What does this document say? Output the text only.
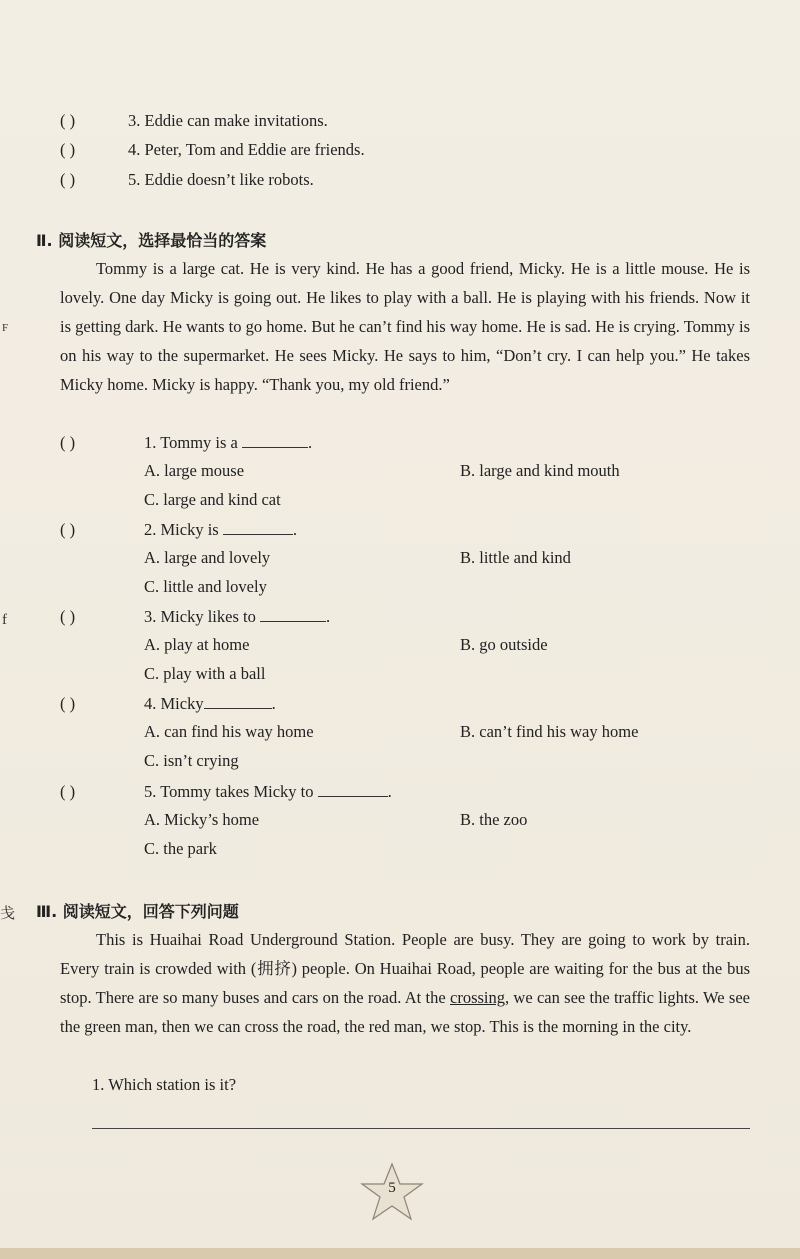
( )	3. Eddie can make invitations.
( )	4. Peter, Tom and Eddie are friends.
( )	5. Eddie doesn’t like robots.
Ⅱ. 阅读短文，选择最恰当的答案

Tommy is a large cat. He is very kind. He has a good friend, Micky. He is a little mouse. He is lovely. One day Micky is going out. He likes to play with a ball. He is playing with his friends. Now it is getting dark. He wants to go home. But he can’t find his way home. He is sad. He is crying. Tommy is on his way to the supermarket. He sees Micky. He says to him, “Don’t cry. I can help you.” He takes Micky home. Micky is happy. “Thank you, my old friend.”

( )	1. Tommy is a	.
A. large mouse	B. large and kind mouth
C. large and kind cat
( )	2. Micky is	.
A. large and lovely	B. little and kind
C. little and lovely
( )	3. Micky likes to	.
A. play at home	B. go outside
C. play with a ball
( )	4. Micky	.
A. can find his way home	B. can’t find his way home
C. isn’t crying
( )	5. Tommy takes Micky to	.
A. Micky’s home	B. the zoo
C. the park
Ⅲ. 阅读短文，回答下列问题

This is Huaihai Road Underground Station. People are busy. They are going to work by train. Every train is crowded with (拥挤) people. On Huaihai Road, people are waiting for the bus at the bus stop. There are so many buses and cars on the road. At the crossing, we can see the traffic lights. We see the green man, then we can cross the road, the red man, we stop. This is the morning in the city.

1. Which station is it?
5
F
f
戋
